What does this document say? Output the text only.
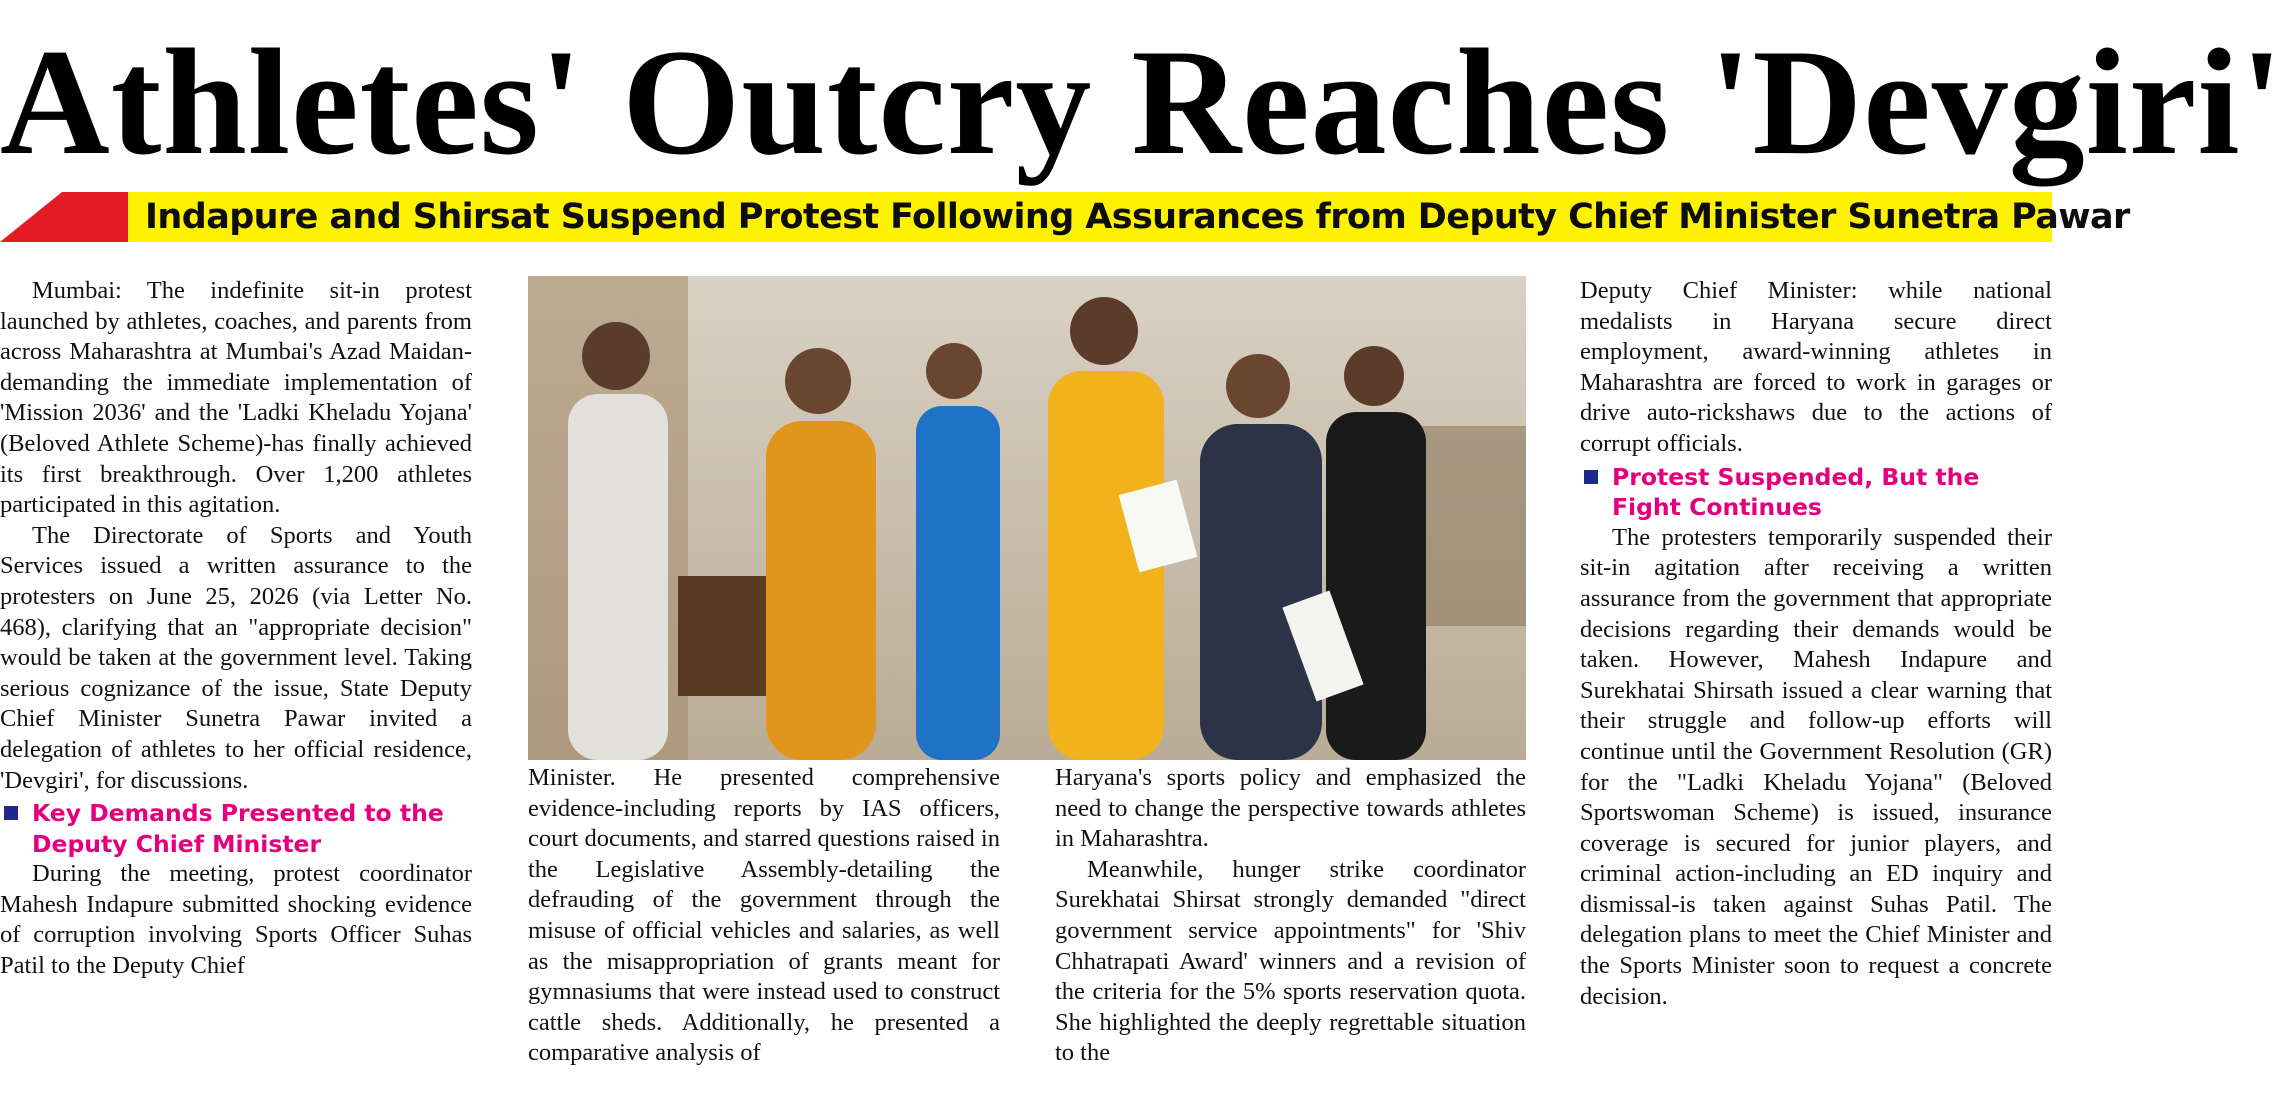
Athletes' Outcry Reaches 'Devgiri'
Indapure and Shirsat Suspend Protest Following Assurances from Deputy Chief Minister Sunetra Pawar

Mumbai: The indefinite sit-in protest launched by athletes, coaches, and parents from across Maharashtra at Mumbai's Azad Maidan-demanding the immediate implementation of 'Mission 2036' and the 'Ladki Kheladu Yojana' (Beloved Athlete Scheme)-has finally achieved its first breakthrough. Over 1,200 athletes participated in this agitation.

The Directorate of Sports and Youth Services issued a written assurance to the protesters on June 25, 2026 (via Letter No. 468), clarifying that an "appropriate decision" would be taken at the government level. Taking serious cognizance of the issue, State Deputy Chief Minister Sunetra Pawar invited a delegation of athletes to her official residence, 'Devgiri', for discussions.

Key Demands Presented to the Deputy Chief Minister

During the meeting, protest coordinator Mahesh Indapure submitted shocking evidence of corruption involving Sports Officer Suhas Patil to the Deputy Chief

Minister. He presented comprehensive evidence-including reports by IAS officers, court documents, and starred questions raised in the Legislative Assembly-detailing the defrauding of the government through the misuse of official vehicles and salaries, as well as the misappropriation of grants meant for gymnasiums that were instead used to construct cattle sheds. Additionally, he presented a comparative analysis of

Haryana's sports policy and emphasized the need to change the perspective towards athletes in Maharashtra.

Meanwhile, hunger strike coordinator Surekhatai Shirsat strongly demanded "direct government service appointments" for 'Shiv Chhatrapati Award' winners and a revision of the criteria for the 5% sports reservation quota. She highlighted the deeply regrettable situation to the

Deputy Chief Minister: while national medalists in Haryana secure direct employment, award-winning athletes in Maharashtra are forced to work in garages or drive auto-rickshaws due to the actions of corrupt officials.

Protest Suspended, But the Fight Continues

The protesters temporarily suspended their sit-in agitation after receiving a written assurance from the government that appropriate decisions regarding their demands would be taken. However, Mahesh Indapure and Surekhatai Shirsath issued a clear warning that their struggle and follow-up efforts will continue until the Government Resolution (GR) for the "Ladki Kheladu Yojana" (Beloved Sportswoman Scheme) is issued, insurance coverage is secured for junior players, and criminal action-including an ED inquiry and dismissal-is taken against Suhas Patil. The delegation plans to meet the Chief Minister and the Sports Minister soon to request a concrete decision.
